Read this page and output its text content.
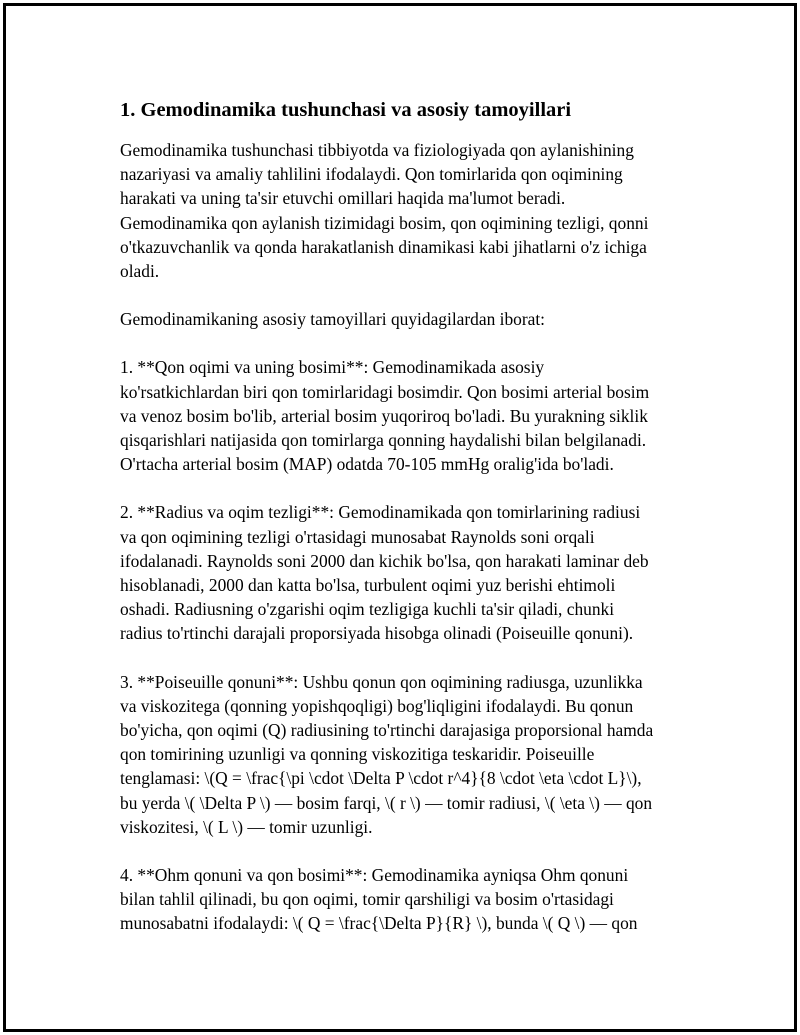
1. Gemodinamika tushunchasi va asosiy tamoyillari

Gemodinamika tushunchasi tibbiyotda va fiziologiyada qon aylanishining
nazariyasi va amaliy tahlilini ifodalaydi. Qon tomirlarida qon oqimining
harakati va uning ta'sir etuvchi omillari haqida ma'lumot beradi.
Gemodinamika qon aylanish tizimidagi bosim, qon oqimining tezligi, qonni
o'tkazuvchanlik va qonda harakatlanish dinamikasi kabi jihatlarni o'z ichiga
oladi.

Gemodinamikaning asosiy tamoyillari quyidagilardan iborat:

1. **Qon oqimi va uning bosimi**: Gemodinamikada asosiy
ko'rsatkichlardan biri qon tomirlaridagi bosimdir. Qon bosimi arterial bosim
va venoz bosim bo'lib, arterial bosim yuqoriroq bo'ladi. Bu yurakning siklik
qisqarishlari natijasida qon tomirlarga qonning haydalishi bilan belgilanadi.
O'rtacha arterial bosim (MAP) odatda 70-105 mmHg oralig'ida bo'ladi.

2. **Radius va oqim tezligi**: Gemodinamikada qon tomirlarining radiusi
va qon oqimining tezligi o'rtasidagi munosabat Raynolds soni orqali
ifodalanadi. Raynolds soni 2000 dan kichik bo'lsa, qon harakati laminar deb
hisoblanadi, 2000 dan katta bo'lsa, turbulent oqimi yuz berishi ehtimoli
oshadi. Radiusning o'zgarishi oqim tezligiga kuchli ta'sir qiladi, chunki
radius to'rtinchi darajali proporsiyada hisobga olinadi (Poiseuille qonuni).

3. **Poiseuille qonuni**: Ushbu qonun qon oqimining radiusga, uzunlikka
va viskozitega (qonning yopishqoqligi) bog'liqligini ifodalaydi. Bu qonun
bo'yicha, qon oqimi (Q) radiusining to'rtinchi darajasiga proporsional hamda
qon tomirining uzunligi va qonning viskozitiga teskaridir. Poiseuille
tenglamasi: \(Q = \frac{\pi \cdot \Delta P \cdot r^4}{8 \cdot \eta \cdot L}\),
bu yerda \( \Delta P \) — bosim farqi, \( r \) — tomir radiusi, \( \eta \) — qon
viskozitesi, \( L \) — tomir uzunligi.

4. **Ohm qonuni va qon bosimi**: Gemodinamika ayniqsa Ohm qonuni
bilan tahlil qilinadi, bu qon oqimi, tomir qarshiligi va bosim o'rtasidagi
munosabatni ifodalaydi: \( Q = \frac{\Delta P}{R} \), bunda \( Q \) — qon
